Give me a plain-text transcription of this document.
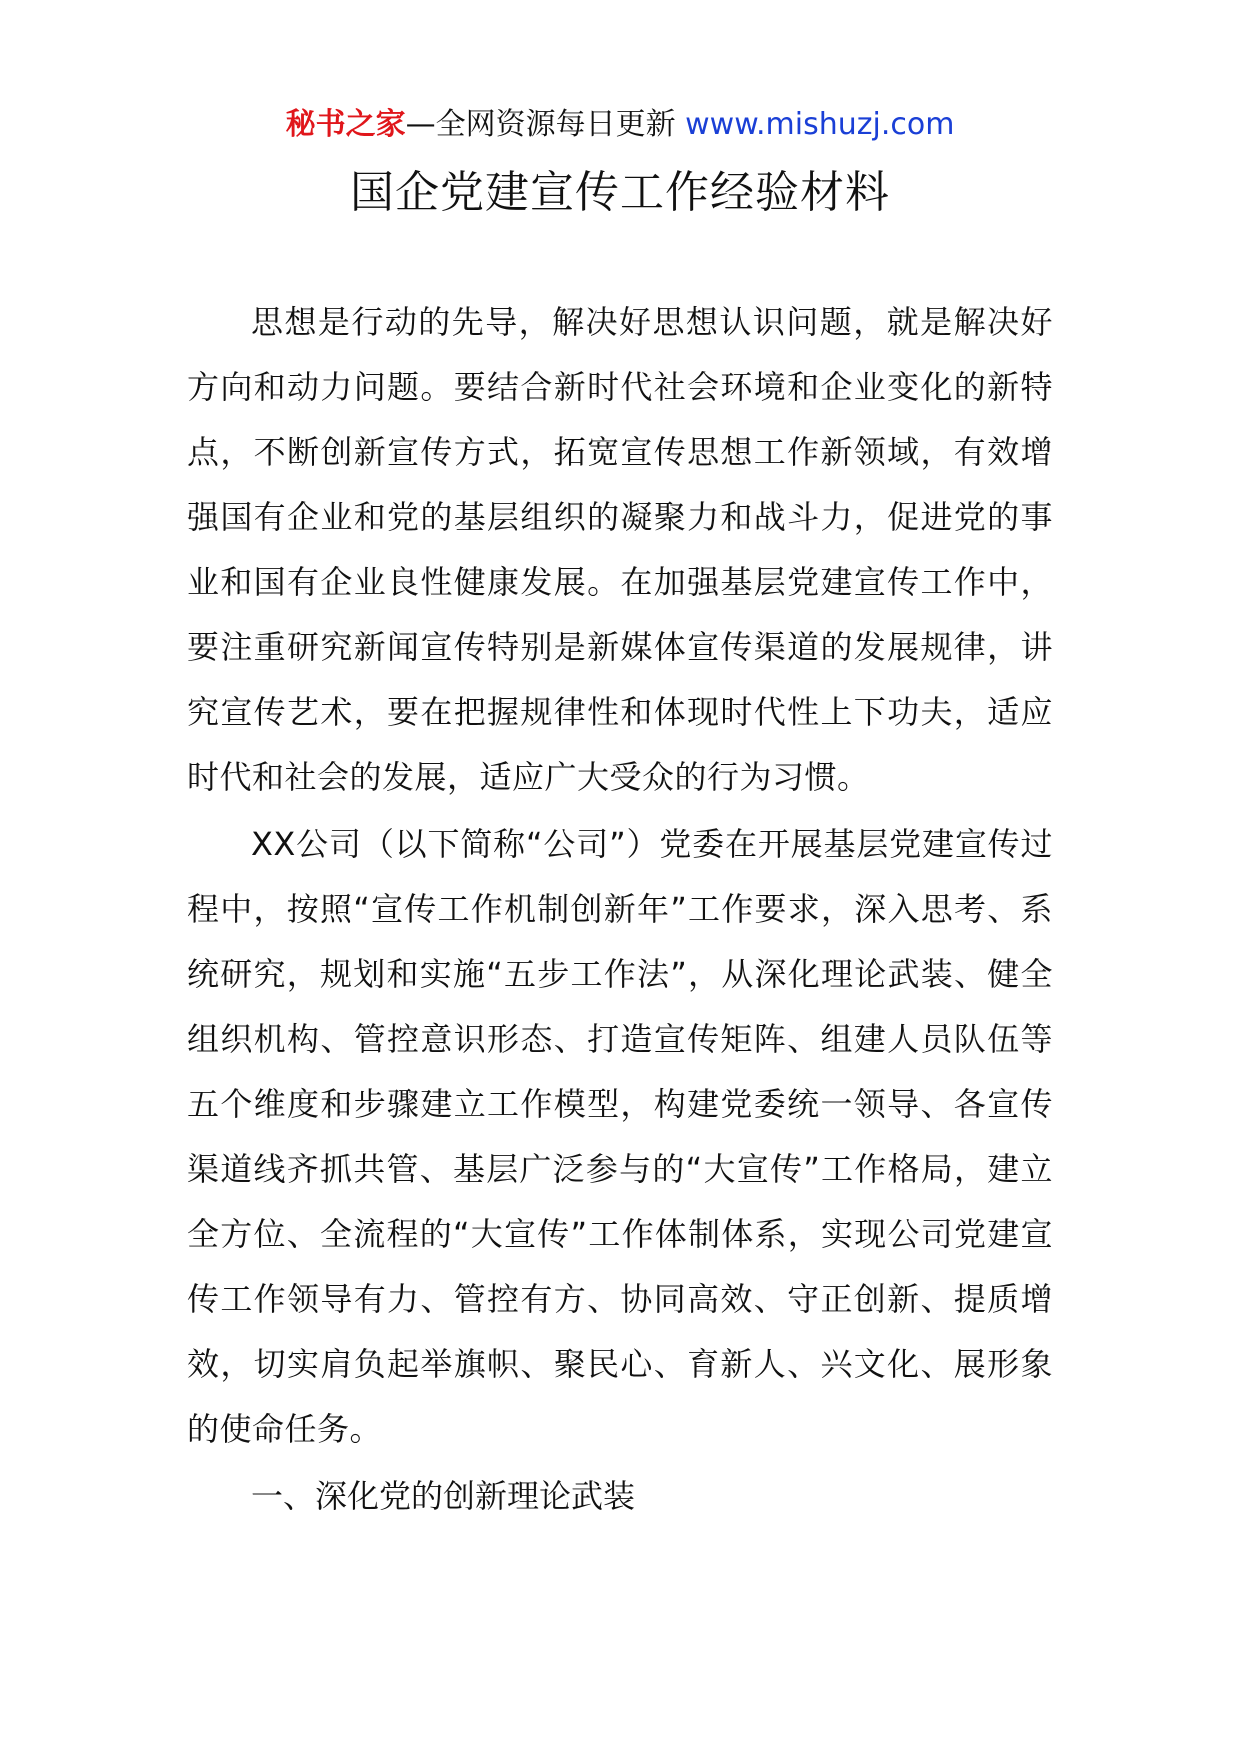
秘书之家—全网资源每日更新 www.mishuzj.com
国企党建宣传工作经验材料

思想是行动的先导，解决好思想认识问题，就是解决好方向和动力问题。要结合新时代社会环境和企业变化的新特点，不断创新宣传方式，拓宽宣传思想工作新领域，有效增强国有企业和党的基层组织的凝聚力和战斗力，促进党的事业和国有企业良性健康发展。在加强基层党建宣传工作中，要注重研究新闻宣传特别是新媒体宣传渠道的发展规律，讲究宣传艺术，要在把握规律性和体现时代性上下功夫，适应时代和社会的发展，适应广大受众的行为习惯。

XX公司（以下简称“公司”）党委在开展基层党建宣传过程中，按照“宣传工作机制创新年”工作要求，深入思考、系统研究，规划和实施“五步工作法”，从深化理论武装、健全组织机构、管控意识形态、打造宣传矩阵、组建人员队伍等五个维度和步骤建立工作模型，构建党委统一领导、各宣传渠道线齐抓共管、基层广泛参与的“大宣传”工作格局，建立全方位、全流程的“大宣传”工作体制体系，实现公司党建宣传工作领导有力、管控有方、协同高效、守正创新、提质增效，切实肩负起举旗帜、聚民心、育新人、兴文化、展形象的使命任务。

一、深化党的创新理论武装
